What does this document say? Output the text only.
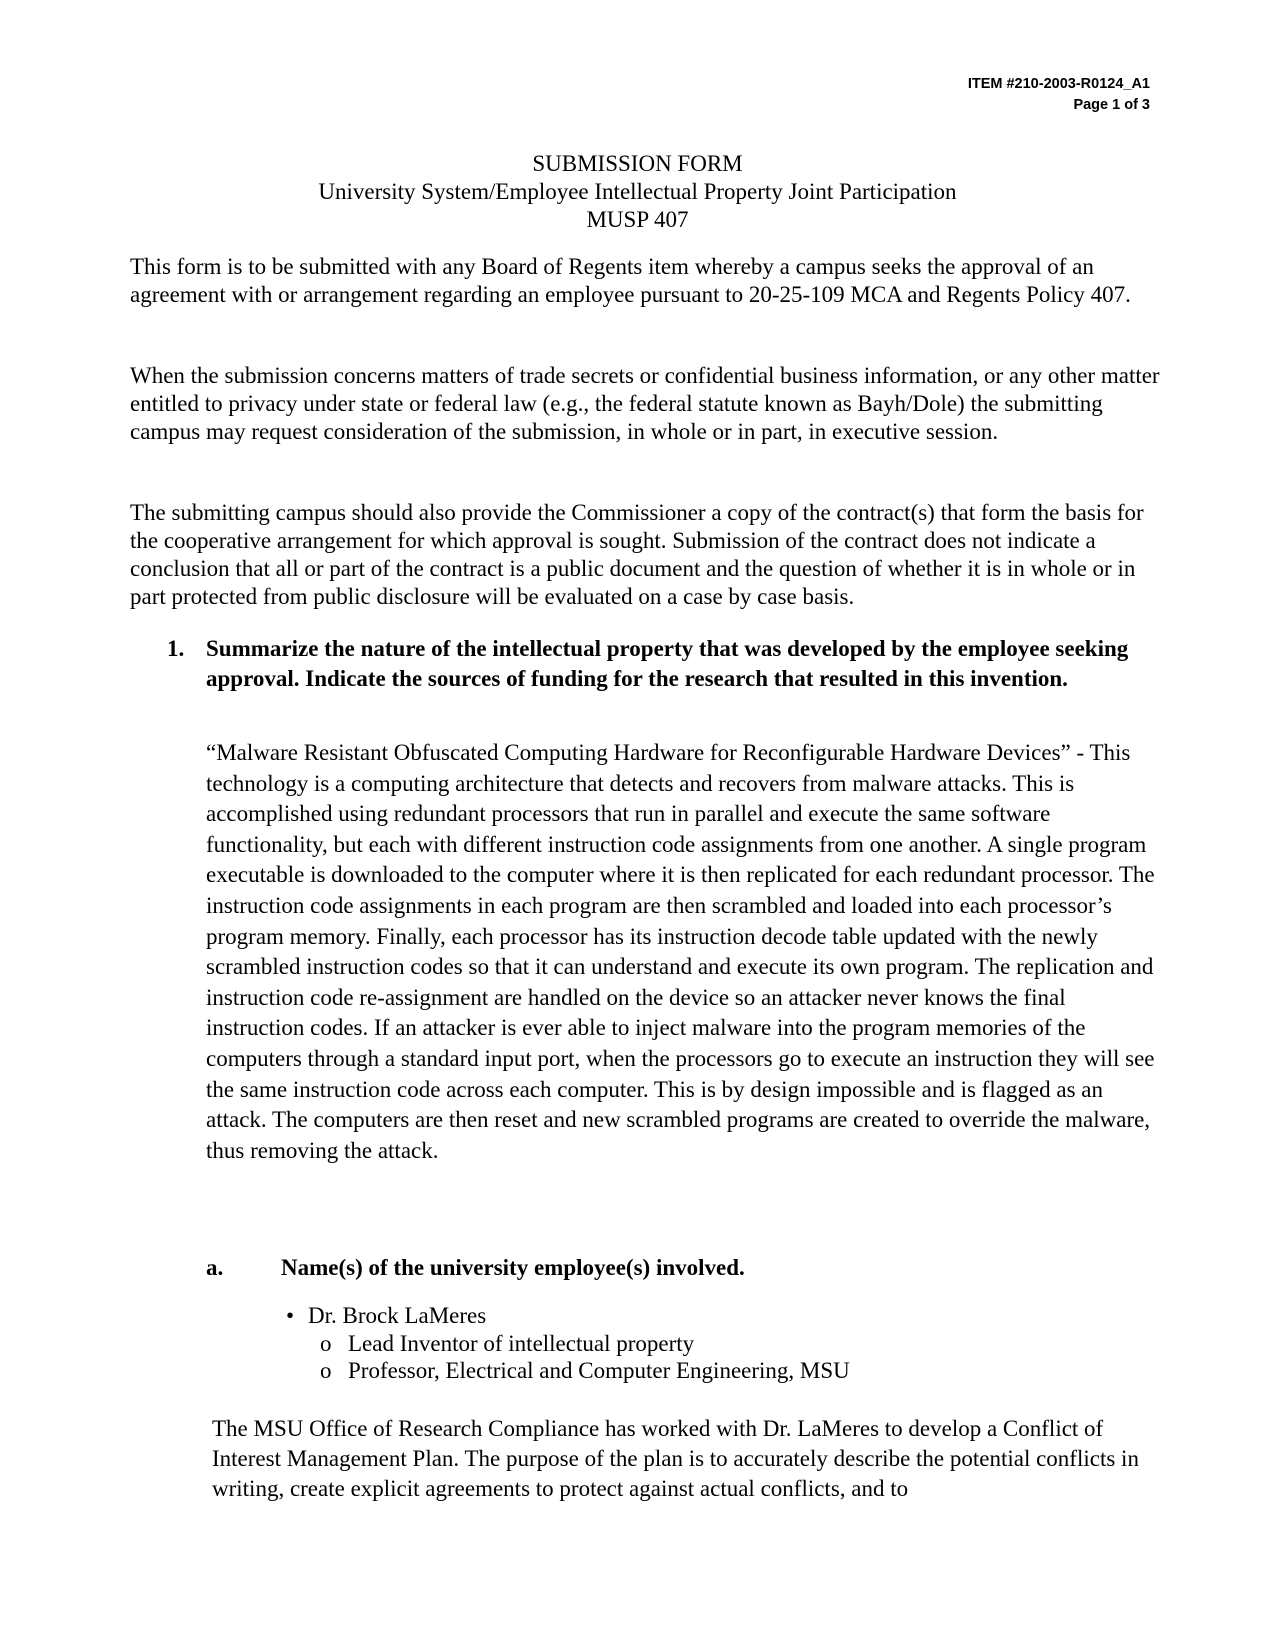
ITEM #210-2003-R0124_A1
Page 1 of 3
SUBMISSION FORM
University System/Employee Intellectual Property Joint Participation
MUSP 407

This form is to be submitted with any Board of Regents item whereby a campus seeks the approval of an agreement with or arrangement regarding an employee pursuant to 20-25-109 MCA and Regents Policy 407.

When the submission concerns matters of trade secrets or confidential business information, or any other matter entitled to privacy under state or federal law (e.g., the federal statute known as Bayh/Dole) the submitting campus may request consideration of the submission, in whole or in part, in executive session.

The submitting campus should also provide the Commissioner a copy of the contract(s) that form the basis for the cooperative arrangement for which approval is sought. Submission of the contract does not indicate a conclusion that all or part of the contract is a public document and the question of whether it is in whole or in part protected from public disclosure will be evaluated on a case by case basis.

1. Summarize the nature of the intellectual property that was developed by the employee seeking approval. Indicate the sources of funding for the research that resulted in this invention.

“Malware Resistant Obfuscated Computing Hardware for Reconfigurable Hardware Devices” - This technology is a computing architecture that detects and recovers from malware attacks. This is accomplished using redundant processors that run in parallel and execute the same software functionality, but each with different instruction code assignments from one another. A single program executable is downloaded to the computer where it is then replicated for each redundant processor. The instruction code assignments in each program are then scrambled and loaded into each processor’s program memory. Finally, each processor has its instruction decode table updated with the newly scrambled instruction codes so that it can understand and execute its own program. The replication and instruction code re-assignment are handled on the device so an attacker never knows the final instruction codes. If an attacker is ever able to inject malware into the program memories of the computers through a standard input port, when the processors go to execute an instruction they will see the same instruction code across each computer. This is by design impossible and is flagged as an attack. The computers are then reset and new scrambled programs are created to override the malware, thus removing the attack.

a.	Name(s) of the university employee(s) involved.
• Dr. Brock LaMeres
o Lead Inventor of intellectual property
o Professor, Electrical and Computer Engineering, MSU

The MSU Office of Research Compliance has worked with Dr. LaMeres to develop a Conflict of Interest Management Plan. The purpose of the plan is to accurately describe the potential conflicts in writing, create explicit agreements to protect against actual conflicts, and to
